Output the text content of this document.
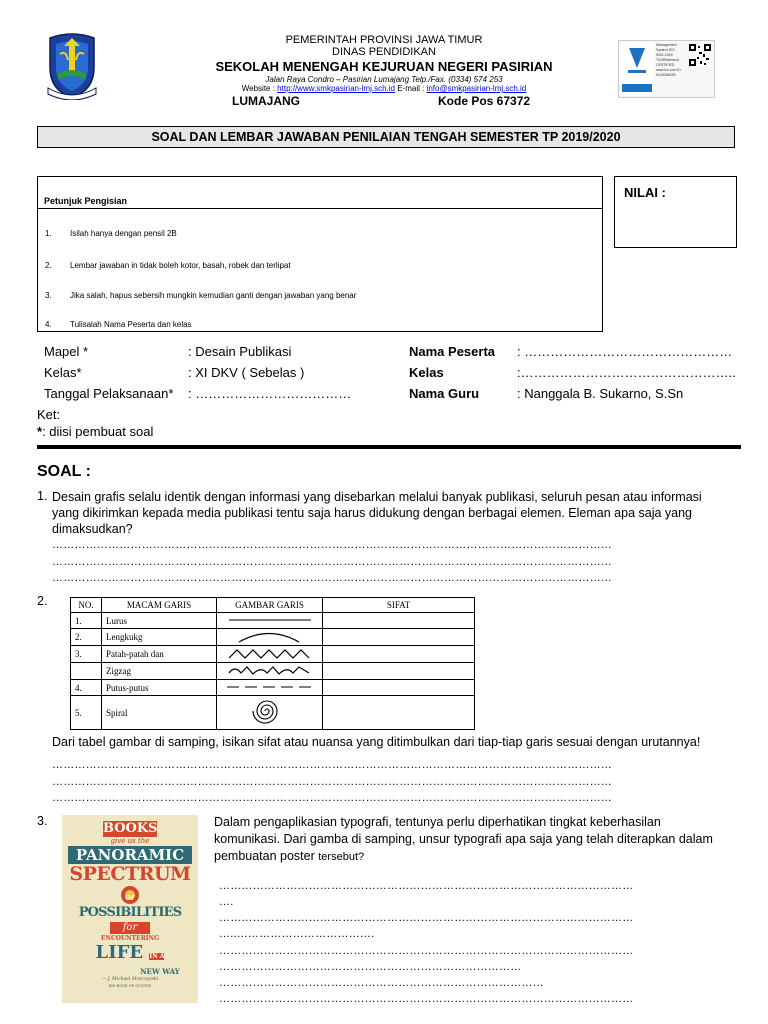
PEMERINTAH PROVINSI JAWA TIMUR
DINAS PENDIDIKAN
SEKOLAH MENENGAH KEJURUAN NEGERI PASIRIAN
Jalan Raya Condro – Pasirian Lumajang Telp./Fax. (0334) 574 253
Website : http://www.smkpasirian-lmj.sch.id E-mail : info@smkpasirian-lmj.sch.id
LUMAJANG	Kode Pos 67372
Management System ISO 9001:2015 TÜVRheinland CERTIFIED www.tuv.com ID 9105084093
SOAL DAN LEMBAR JAWABAN PENILAIAN TENGAH SEMESTER TP 2019/2020
Petunjuk Pengisian
1. Isilah hanya dengan pensil 2B
2. Lembar jawaban in tidak boleh kotor, basah, robek dan terlipat
3. Jika salah, hapus sebersih mungkin kemudian ganti dengan jawaban yang benar
4. Tulisalah Nama Peserta dan kelas
NILAI :
Mapel *	: Desain Publikasi
Kelas*	: XI DKV ( Sebelas )
Tanggal Pelaksanaan* : ………………………………
Nama Peserta : …………………………………………
Kelas	:…………………………………………..
Nama Guru	: Nanggala B. Sukarno, S.Sn
Ket:
*: diisi pembuat soal
SOAL :
1. Desain grafis selalu identik dengan informasi yang disebarkan melalui banyak publikasi, seluruh pesan atau informasi
yang dikirimkan kepada media publikasi tentu saja harus didukung dengan berbagai elemen. Eleman apa saja yang
dimaksudkan?
……………………………………………………………………………………………………………………………………
……………………………………………………………………………………………………………………………………
……………………………………………………………………………………………………………………………………
2.	NO.	MACAM GARIS	GAMBAR GARIS	SIFAT
1.	Lurus		
2.	Lengkukg		
3.	Patah-patah dan		
	Zigzag		
4.	Putus-putus		
5.	Spiral		
Dari tabel gambar di samping, isikan sifat atau nuansa yang ditimbulkan dari tiap-tiap garis sesuai dengan urutannya!
……………………………………………………………………………………………………………………………………
……………………………………………………………………………………………………………………………………
……………………………………………………………………………………………………………………………………
3.	BOOKS
give us the
PANORAMIC
SPECTRUM
OF
POSSIBILITIES
for
ENCOUNTERING
LIFE IN A
NEW WAY
— J. Michael Straczynski
BIG BOOK OF QUOTES
Dalam pengaplikasian typografi, tentunya perlu diperhatikan tingkat keberhasilan
komunikasi. Dari gamba di samping, unsur typografi apa saja yang telah diterapkan dalam
pembuatan poster tersebut?
…………………………………………………………………………………………………
….
…………………………………………………………………………………………………
…..……………………………….
…………………………………………………………………………………………………
………………………………………………………………………
……………………………………………………………………………
…………………………………………………………………………………………………
